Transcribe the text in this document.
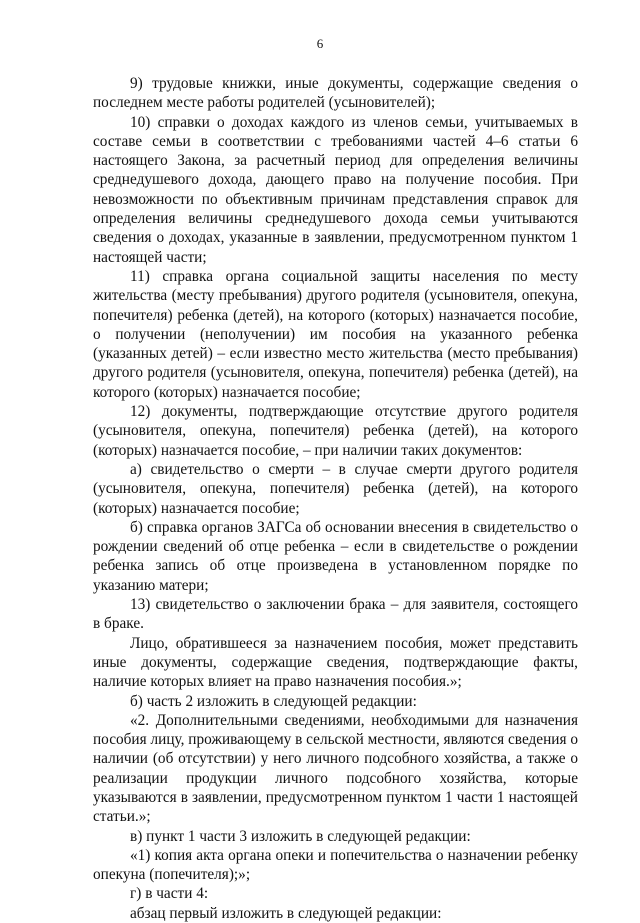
6

9) трудовые книжки, иные документы, содержащие сведения о последнем месте работы родителей (усыновителей);

10) справки о доходах каждого из членов семьи, учитываемых в составе семьи в соответствии с требованиями частей 4–6 статьи 6 настоящего Закона, за расчетный период для определения величины среднедушевого дохода, дающего право на получение пособия. При невозможности по объективным причинам представления справок для определения величины среднедушевого дохода семьи учитываются сведения о доходах, указанные в заявлении, предусмотренном пунктом 1 настоящей части;

11) справка органа социальной защиты населения по месту жительства (месту пребывания) другого родителя (усыновителя, опекуна, попечителя) ребенка (детей), на которого (которых) назначается пособие, о получении (неполучении) им пособия на указанного ребенка (указанных детей) – если известно место жительства (место пребывания) другого родителя (усыновителя, опекуна, попечителя) ребенка (детей), на которого (которых) назначается пособие;

12) документы, подтверждающие отсутствие другого родителя (усыновителя, опекуна, попечителя) ребенка (детей), на которого (которых) назначается пособие, – при наличии таких документов:

а) свидетельство о смерти – в случае смерти другого родителя (усыновителя, опекуна, попечителя) ребенка (детей), на которого (которых) назначается пособие;

б) справка органов ЗАГСа об основании внесения в свидетельство о рождении сведений об отце ребенка – если в свидетельстве о рождении ребенка запись об отце произведена в установленном порядке по указанию матери;

13) свидетельство о заключении брака – для заявителя, состоящего в браке.

Лицо, обратившееся за назначением пособия, может представить иные документы, содержащие сведения, подтверждающие факты, наличие которых влияет на право назначения пособия.»;

б) часть 2 изложить в следующей редакции:

«2. Дополнительными сведениями, необходимыми для назначения пособия лицу, проживающему в сельской местности, являются сведения о наличии (об отсутствии) у него личного подсобного хозяйства, а также о реализации продукции личного подсобного хозяйства, которые указываются в заявлении, предусмотренном пунктом 1 части 1 настоящей статьи.»;

в) пункт 1 части 3 изложить в следующей редакции:

«1) копия акта органа опеки и попечительства о назначении ребенку опекуна (попечителя);»;

г) в части 4:

абзац первый изложить в следующей редакции:
